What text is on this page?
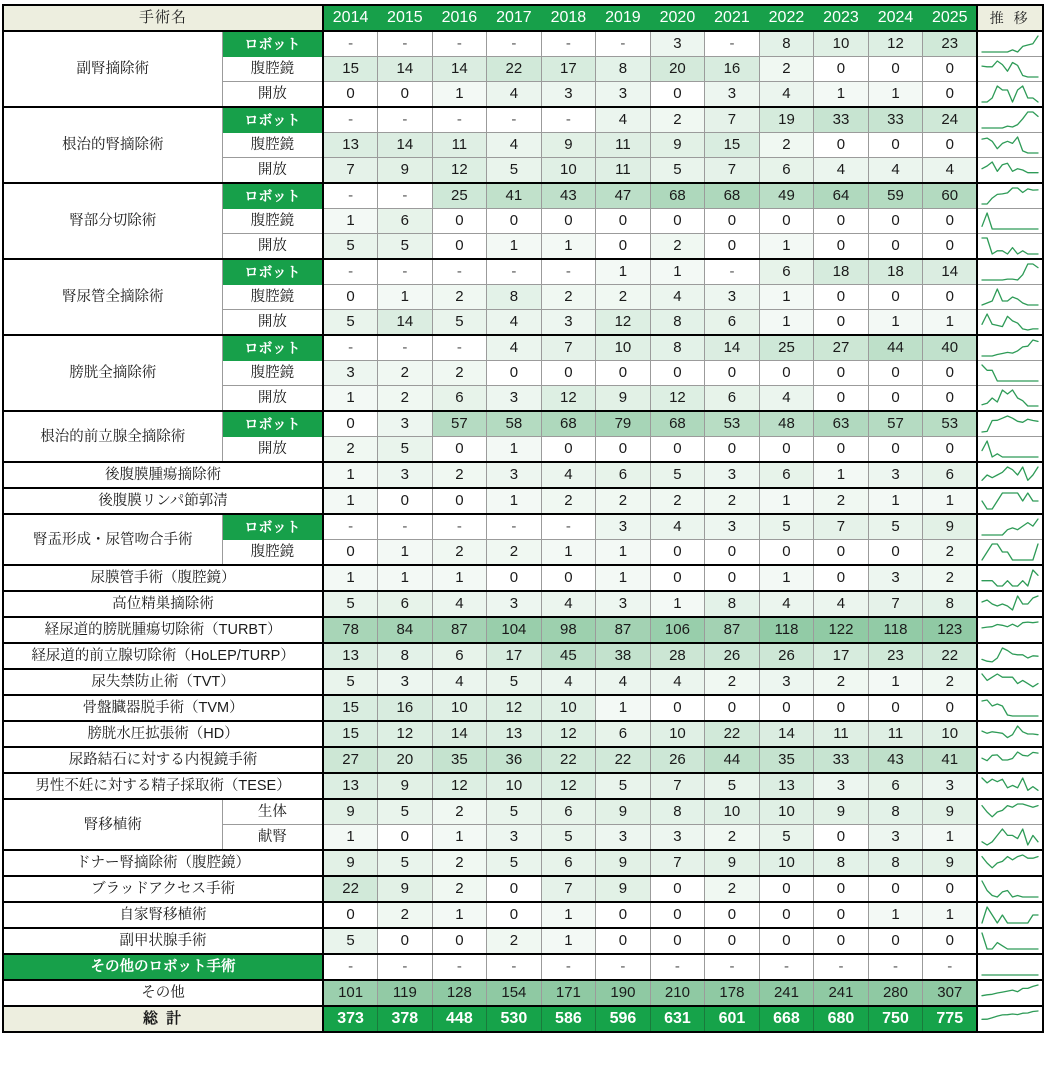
手術名		2014	2015	2016	2017	2018	2019	2020	2021	2022	2023	2024	2025	推 移
副腎摘除術	ロボット	-	-	-	-	-	-	3	-	8	10	12	23	

	腹腔鏡	15	14	14	22	17	8	20	16	2	0	0	0	

	開放	0	0	1	4	3	3	0	3	4	1	1	0	

根治的腎摘除術	ロボット	-	-	-	-	-	4	2	7	19	33	33	24	

	腹腔鏡	13	14	11	4	9	11	9	15	2	0	0	0	

	開放	7	9	12	5	10	11	5	7	6	4	4	4	

腎部分切除術	ロボット	-	-	25	41	43	47	68	68	49	64	59	60	

	腹腔鏡	1	6	0	0	0	0	0	0	0	0	0	0	

	開放	5	5	0	1	1	0	2	0	1	0	0	0	

腎尿管全摘除術	ロボット	-	-	-	-	-	1	1	-	6	18	18	14	

	腹腔鏡	0	1	2	8	2	2	4	3	1	0	0	0	

	開放	5	14	5	4	3	12	8	6	1	0	1	1	

膀胱全摘除術	ロボット	-	-	-	4	7	10	8	14	25	27	44	40	

	腹腔鏡	3	2	2	0	0	0	0	0	0	0	0	0	

	開放	1	2	6	3	12	9	12	6	4	0	0	0	

根治的前立腺全摘除術	ロボット	0	3	57	58	68	79	68	53	48	63	57	53	

	開放	2	5	0	1	0	0	0	0	0	0	0	0	

後腹膜腫瘍摘除術		1	3	2	3	4	6	5	3	6	1	3	6	

後腹膜リンパ節郭清		1	0	0	1	2	2	2	2	1	2	1	1	

腎盂形成・尿管吻合手術	ロボット	-	-	-	-	-	3	4	3	5	7	5	9	

	腹腔鏡	0	1	2	2	1	1	0	0	0	0	0	2	

尿膜管手術（腹腔鏡）		1	1	1	0	0	1	0	0	1	0	3	2	

高位精巣摘除術		5	6	4	3	4	3	1	8	4	4	7	8	

経尿道的膀胱腫瘍切除術（TURBT）		78	84	87	104	98	87	106	87	118	122	118	123	

経尿道的前立腺切除術（HoLEP/TURP）		13	8	6	17	45	38	28	26	26	17	23	22	

尿失禁防止術（TVT）		5	3	4	5	4	4	4	2	3	2	1	2	

骨盤臓器脱手術（TVM）		15	16	10	12	10	1	0	0	0	0	0	0	

膀胱水圧拡張術（HD）		15	12	14	13	12	6	10	22	14	11	11	10	

尿路結石に対する内視鏡手術		27	20	35	36	22	22	26	44	35	33	43	41	

男性不妊に対する精子採取術（TESE）		13	9	12	10	12	5	7	5	13	3	6	3	

腎移植術	生体	9	5	2	5	6	9	8	10	10	9	8	9	

	献腎	1	0	1	3	5	3	3	2	5	0	3	1	

ドナー腎摘除術（腹腔鏡）		9	5	2	5	6	9	7	9	10	8	8	9	

ブラッドアクセス手術		22	9	2	0	7	9	0	2	0	0	0	0	

自家腎移植術		0	2	1	0	1	0	0	0	0	0	1	1	

副甲状腺手術		5	0	0	2	1	0	0	0	0	0	0	0	

その他のロボット手術		-	-	-	-	-	-	-	-	-	-	-	-	

その他		101	119	128	154	171	190	210	178	241	241	280	307	

総 計		373	378	448	530	586	596	631	601	668	680	750	775	
